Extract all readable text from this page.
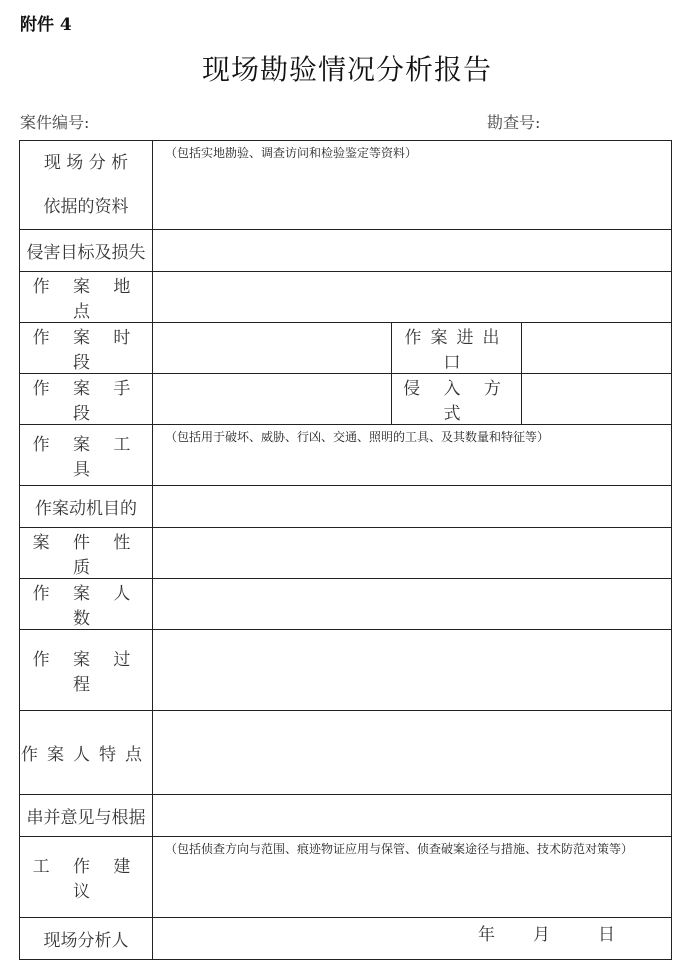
附件 4
现场勘验情况分析报告
案件编号:	勘查号:
现 场 分 析
依据的资料	（包括实地勘验、调查访问和检验鉴定等资料）		
侵害目标及损失			
作 案 地 点			
作 案 时 段		作案进出口	
作 案 手 段		侵 入 方 式	
作 案 工 具	（包括用于破坏、威胁、行凶、交通、照明的工具、及其数量和特征等）		
作案动机目的			
案 件 性 质			
作 案 人 数			
作 案 过 程			
作案人特点			
串并意见与根据			
工 作 建 议	（包括侦查方向与范围、痕迹物证应用与保管、侦查破案途径与措施、技术防范对策等）		
现场分析人				年 月	日
